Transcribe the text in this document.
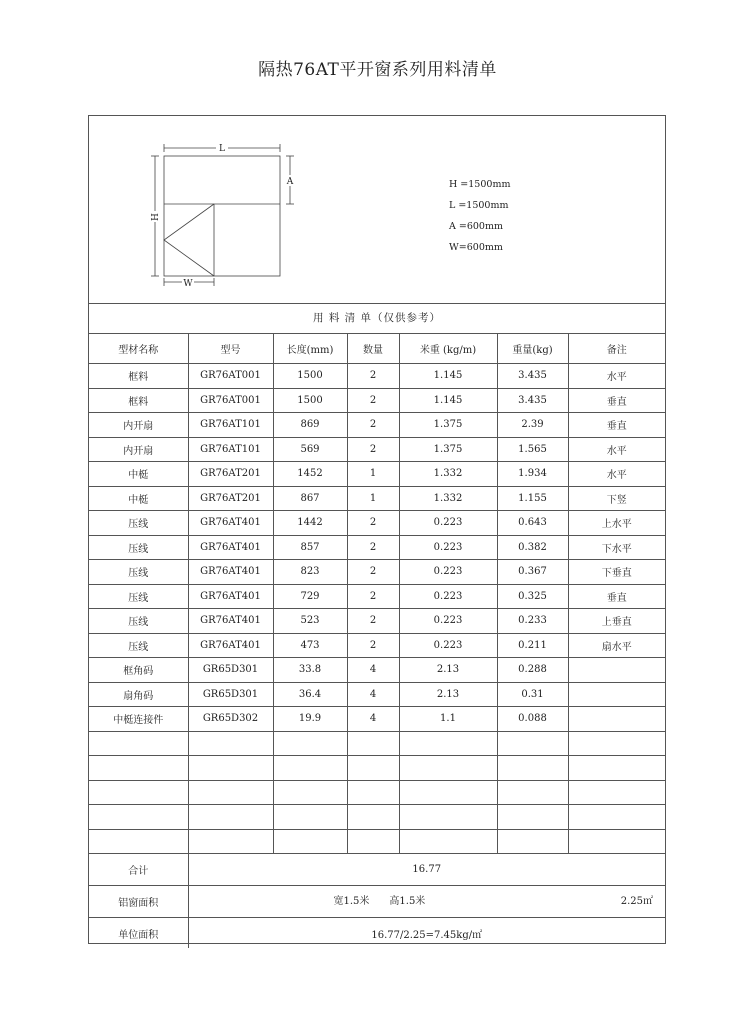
隔热76AT平开窗系列用料清单
L
H
A
W
H =1500mm
L =1500mm
A =600mm
W=600mm
用 料 清 单（仅供参考）
型材名称	型号	长度(mm)	数量	米重 (kg/m)	重量(kg)	备注
框料	GR76AT001	1500	2	1.145	3.435	水平
框料	GR76AT001	1500	2	1.145	3.435	垂直
内开扇	GR76AT101	869	2	1.375	2.39	垂直
内开扇	GR76AT101	569	2	1.375	1.565	水平
中梃	GR76AT201	1452	1	1.332	1.934	水平
中梃	GR76AT201	867	1	1.332	1.155	下竖
压线	GR76AT401	1442	2	0.223	0.643	上水平
压线	GR76AT401	857	2	0.223	0.382	下水平
压线	GR76AT401	823	2	0.223	0.367	下垂直
压线	GR76AT401	729	2	0.223	0.325	垂直
压线	GR76AT401	523	2	0.223	0.233	上垂直
压线	GR76AT401	473	2	0.223	0.211	扇水平
框角码	GR65D301	33.8	4	2.13	0.288	
扇角码	GR65D301	36.4	4	2.13	0.31	
中梃连接件	GR65D302	19.9	4	1.1	0.088	

合计	16.77					
铝窗面积	宽1.5米　　高1.5米 2.25㎡					

单位面积	16.77/2.25=7.45kg/㎡					
